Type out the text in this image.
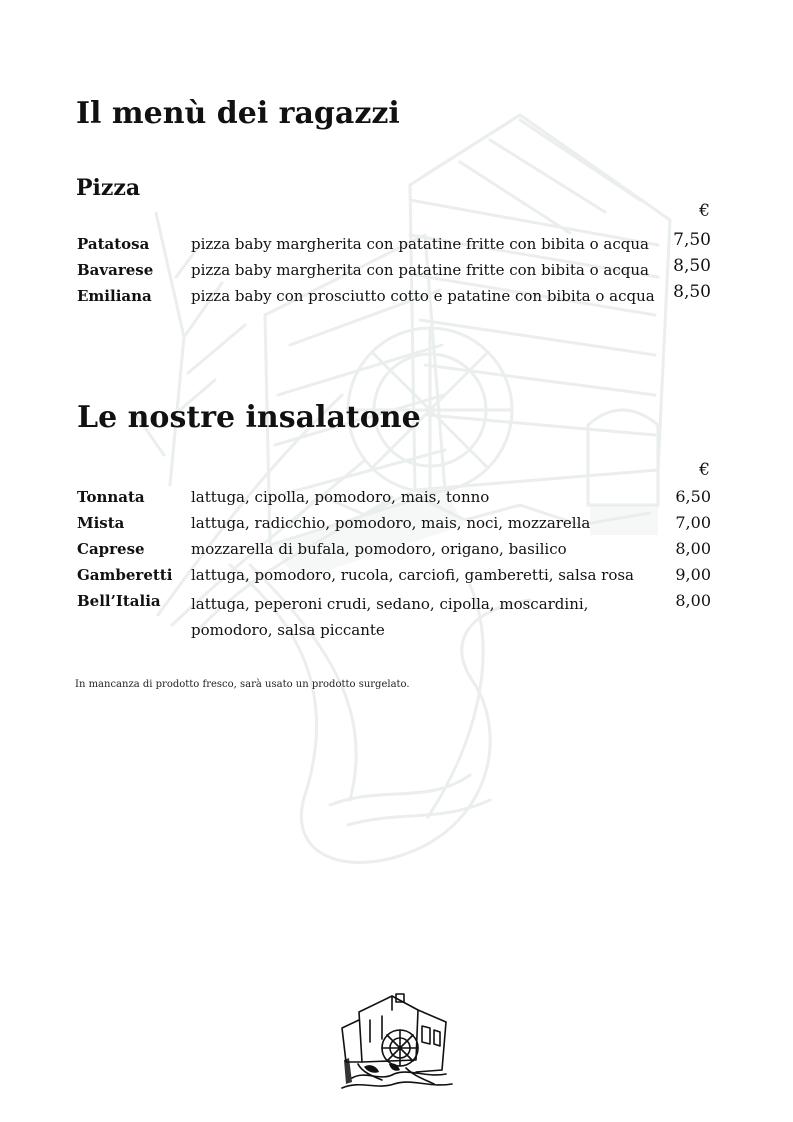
Il menù dei ragazzi
Pizza
€
Patatosa	pizza baby margherita con patatine fritte con bibita o acqua 7,50
Bavarese	pizza baby margherita con patatine fritte con bibita o acqua 8,50
Emiliana	pizza baby con prosciutto cotto e patatine con bibita o acqua 8,50
Le nostre insalatone
€
Tonnata	lattuga, cipolla, pomodoro, mais, tonno	6,50
Mista	lattuga, radicchio, pomodoro, mais, noci, mozzarella	7,00
Caprese	mozzarella di bufala, pomodoro, origano, basilico	8,00
Gamberetti lattuga, pomodoro, rucola, carciofi, gamberetti, salsa rosa	9,00
Bell’Italia lattuga, peperoni crudi, sedano, cipolla, moscardini,
pomodoro, salsa piccante
8,00
In mancanza di prodotto fresco, sarà usato un prodotto surgelato.
